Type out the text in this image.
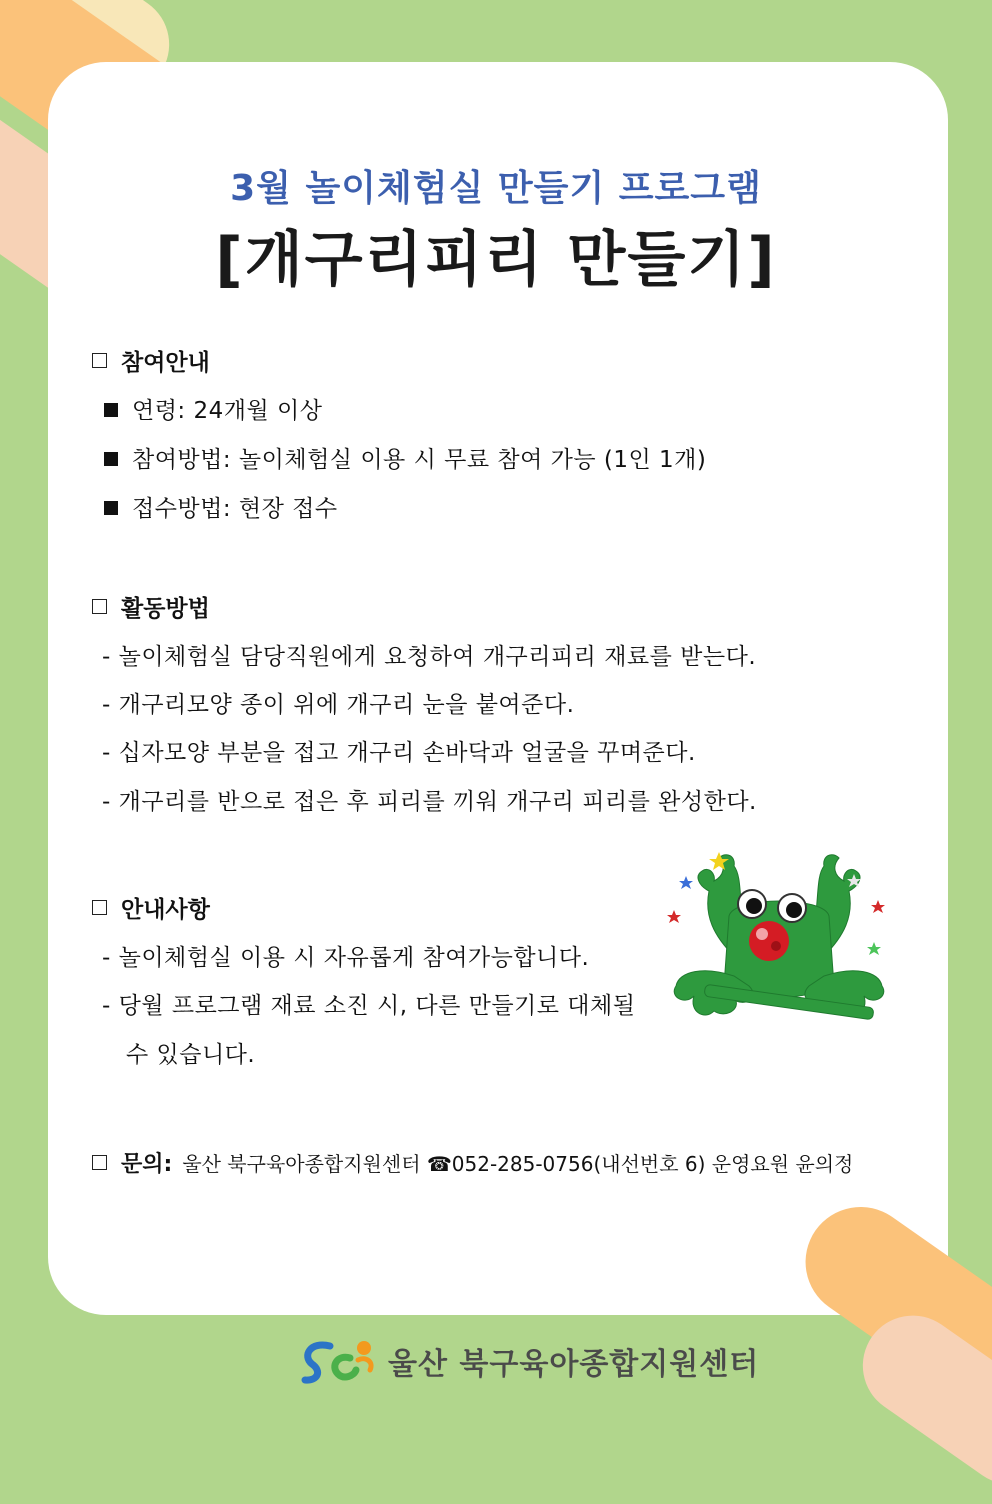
3월 놀이체험실 만들기 프로그램
[개구리피리 만들기]
참여안내
연령: 24개월 이상
참여방법: 놀이체험실 이용 시 무료 참여 가능 (1인 1개)
접수방법: 현장 접수
활동방법
- 놀이체험실 담당직원에게 요청하여 개구리피리 재료를 받는다.
- 개구리모양 종이 위에 개구리 눈을 붙여준다.
- 십자모양 부분을 접고 개구리 손바닥과 얼굴을 꾸며준다.
- 개구리를 반으로 접은 후 피리를 끼워 개구리 피리를 완성한다.
안내사항
- 놀이체험실 이용 시 자유롭게 참여가능합니다.
- 당월 프로그램 재료 소진 시, 다른 만들기로 대체될
수 있습니다.
문의: 울산 북구육아종합지원센터 ☎052-285-0756(내선번호 6) 운영요원 윤의정
울산 북구육아종합지원센터
